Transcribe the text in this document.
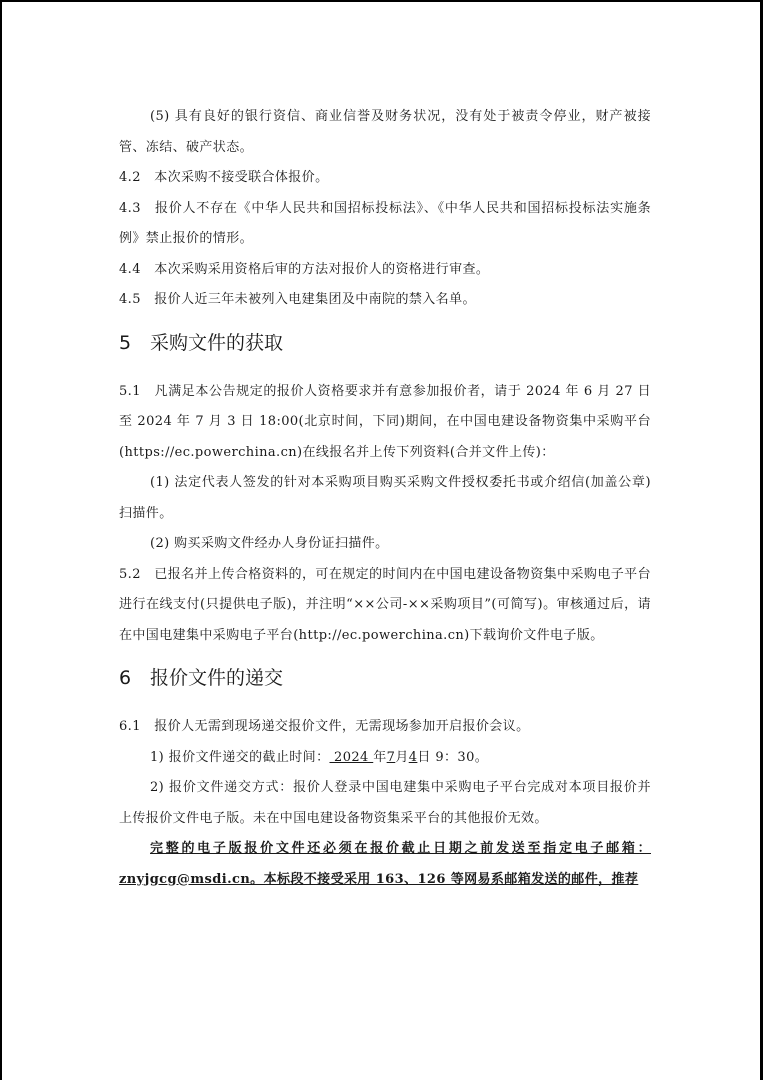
(5) 具有良好的银行资信、商业信誉及财务状况，没有处于被责令停业，财产被接管、冻结、破产状态。

4.2　本次采购不接受联合体报价。

4.3　报价人不存在《中华人民共和国招标投标法》、《中华人民共和国招标投标法实施条例》禁止报价的情形。

4.4　本次采购采用资格后审的方法对报价人的资格进行审查。

4.5　报价人近三年未被列入电建集团及中南院的禁入名单。

5 采购文件的获取

5.1　凡满足本公告规定的报价人资格要求并有意参加报价者，请于 2024 年 6 月 27 日至 2024 年 7 月 3 日 18:00(北京时间，下同)期间，在中国电建设备物资集中采购平台(https://ec.powerchina.cn)在线报名并上传下列资料(合并文件上传)：

(1) 法定代表人签发的针对本采购项目购买采购文件授权委托书或介绍信(加盖公章)扫描件。

(2) 购买采购文件经办人身份证扫描件。

5.2　已报名并上传合格资料的，可在规定的时间内在中国电建设备物资集中采购电子平台进行在线支付(只提供电子版)，并注明“××公司-××采购项目”(可简写)。审核通过后，请在中国电建集中采购电子平台(http://ec.powerchina.cn)下载询价文件电子版。

6 报价文件的递交

6.1　报价人无需到现场递交报价文件，无需现场参加开启报价会议。

1) 报价文件递交的截止时间： 2024 年7月4日 9：30。

2) 报价文件递交方式：报价人登录中国电建集中采购电子平台完成对本项目报价并上传报价文件电子版。未在中国电建设备物资集采平台的其他报价无效。

完整的电子版报价文件还必须在报价截止日期之前发送至指定电子邮箱：znyjgcg@msdi.cn。本标段不接受采用 163、126 等网易系邮箱发送的邮件，推荐
